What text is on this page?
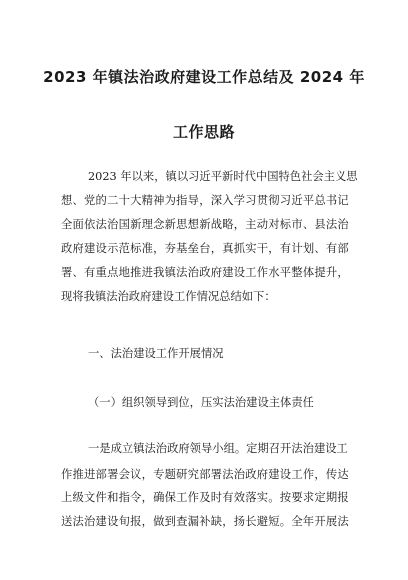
2023 年镇法治政府建设工作总结及 2024 年
工作思路
2023 年以来，镇以习近平新时代中国特色社会主义思
想 、 党 的 二 十 大 精 神 为 指 导 ， 深 入 学 习 贯 彻 习 近 平 总 书 记
全 面 依 法 治 国 新 理 念 新 思 想 新 战 略 ， 主 动 对 标 市 、 县 法 治
政 府 建 设 示 范 标 准 ， 夯 基 垒 台 ， 真 抓 实 干 ， 有 计 划 、 有 部
署 、 有 重 点 地 推 进 我 镇 法 治 政 府 建 设 工 作 水 平 整 体 提 升 ，
现将我镇法治政府建设工作情况总结如下：
一、法治建设工作开展情况
（一）组织领导到位，压实法治建设主体责任
一是成立镇法治政府领导小组。定期召开法治建设工
作 推 进 部 署 会 议 ， 专 题 研 究 部 署 法 治 政 府 建 设 工 作 ， 传 达
上 级 文 件 和 指 令 ， 确 保 工 作 及 时 有 效 落 实 。 按 要 求 定 期 报
送 法 治 建 设 旬 报 ， 做 到 查 漏 补 缺 ， 扬 长 避 短 。 全 年 开 展 法
